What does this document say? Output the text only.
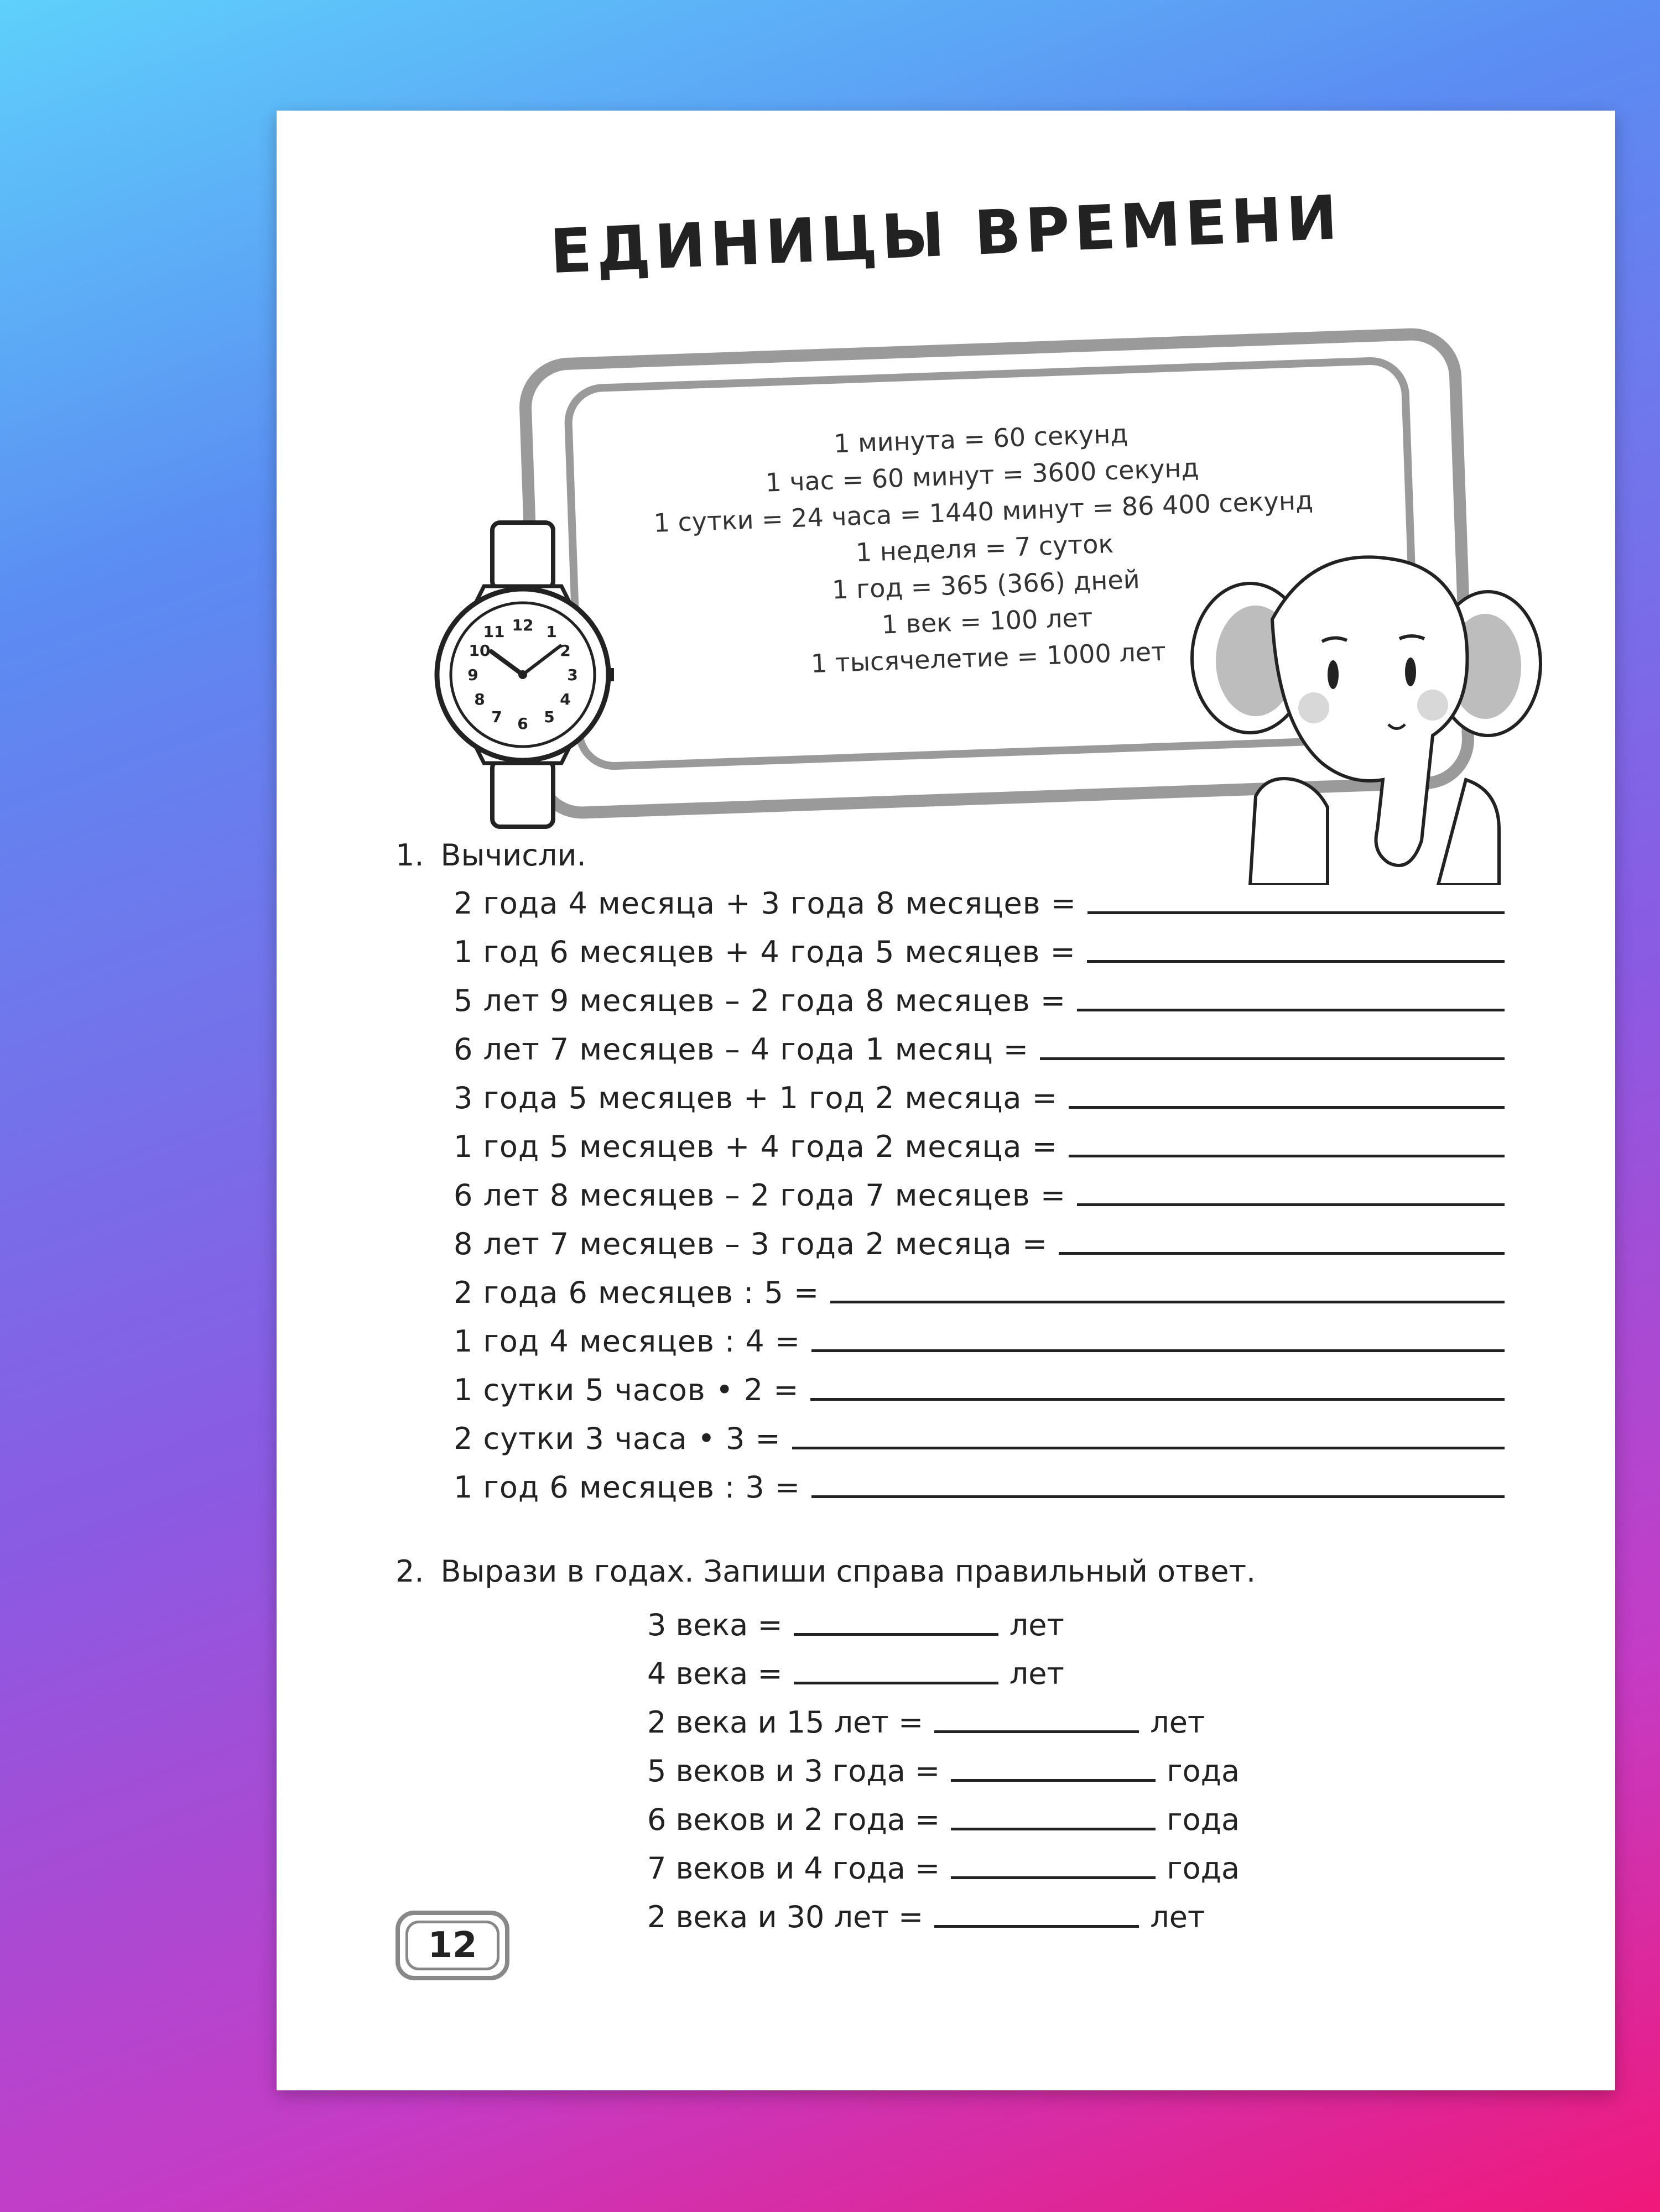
ЕДИНИЦЫ ВРЕМЕНИ
1 минута = 60 секунд
1 час = 60 минут = 3600 секунд
1 сутки = 24 часа = 1440 минут = 86 400 секунд
1 неделя = 7 суток
1 год = 365 (366) дней
1 век = 100 лет
1 тысячелетие = 1000 лет
12 1
2
3
4
5
6
7
8
9
10
11
1. Вычисли.
2 года 4 месяца + 3 года 8 месяцев =
1 год 6 месяцев + 4 года 5 месяцев =
5 лет 9 месяцев – 2 года 8 месяцев =
6 лет 7 месяцев – 4 года 1 месяц =
3 года 5 месяцев + 1 год 2 месяца =
1 год 5 месяцев + 4 года 2 месяца =
6 лет 8 месяцев – 2 года 7 месяцев =
8 лет 7 месяцев – 3 года 2 месяца =
2 года 6 месяцев : 5 =
1 год 4 месяцев : 4 =
1 сутки 5 часов • 2 =
2 сутки 3 часа • 3 =
1 год 6 месяцев : 3 =
2. Вырази в годах. Запиши справа правильный ответ.
3 века =	лет
4 века =	лет
2 века и 15 лет =	лет
5 веков и 3 года =	года
6 веков и 2 года =	года
7 веков и 4 года =	года
2 века и 30 лет =	лет
12
